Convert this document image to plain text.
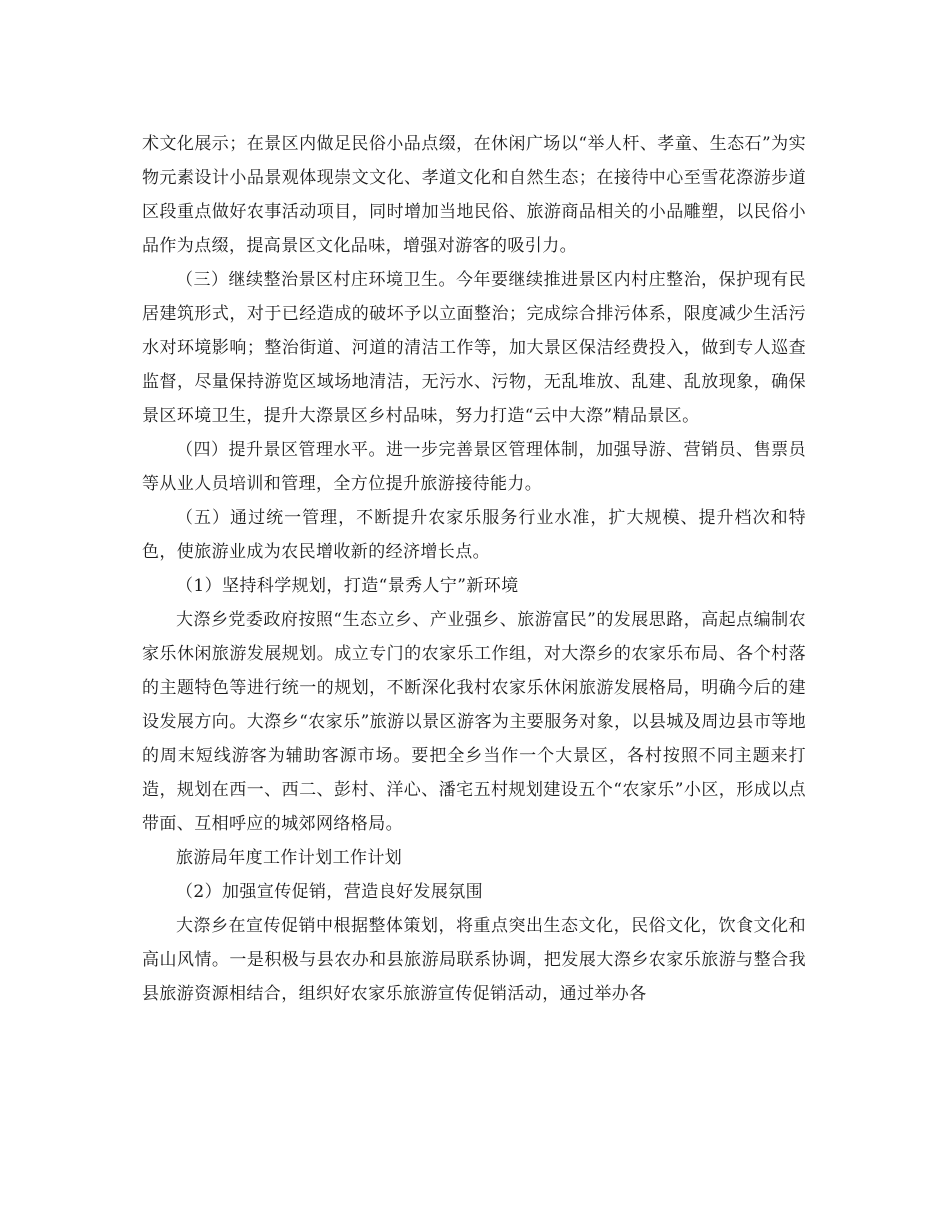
术文化展示；在景区内做足民俗小品点缀，在休闲广场以“举人杆、孝童、生态石”为实物元素设计小品景观体现崇文文化、孝道文化和自然生态；在接待中心至雪花漈游步道区段重点做好农事活动项目，同时增加当地民俗、旅游商品相关的小品雕塑，以民俗小品作为点缀，提高景区文化品味，增强对游客的吸引力。

（三）继续整治景区村庄环境卫生。今年要继续推进景区内村庄整治，保护现有民居建筑形式，对于已经造成的破坏予以立面整治；完成综合排污体系，限度减少生活污水对环境影响；整治街道、河道的清洁工作等，加大景区保洁经费投入，做到专人巡查监督，尽量保持游览区域场地清洁，无污水、污物，无乱堆放、乱建、乱放现象，确保景区环境卫生，提升大漈景区乡村品味，努力打造“云中大漈”精品景区。

（四）提升景区管理水平。进一步完善景区管理体制，加强导游、营销员、售票员等从业人员培训和管理，全方位提升旅游接待能力。

（五）通过统一管理，不断提升农家乐服务行业水准，扩大规模、提升档次和特色，使旅游业成为农民增收新的经济增长点。

（1）坚持科学规划，打造“景秀人宁”新环境

大漈乡党委政府按照“生态立乡、产业强乡、旅游富民”的发展思路，高起点编制农家乐休闲旅游发展规划。成立专门的农家乐工作组，对大漈乡的农家乐布局、各个村落的主题特色等进行统一的规划，不断深化我村农家乐休闲旅游发展格局，明确今后的建设发展方向。大漈乡“农家乐”旅游以景区游客为主要服务对象，以县城及周边县市等地的周末短线游客为辅助客源市场。要把全乡当作一个大景区，各村按照不同主题来打造，规划在西一、西二、彭村、洋心、潘宅五村规划建设五个“农家乐”小区，形成以点带面、互相呼应的城郊网络格局。

旅游局年度工作计划工作计划

（2）加强宣传促销，营造良好发展氛围

大漈乡在宣传促销中根据整体策划，将重点突出生态文化，民俗文化，饮食文化和高山风情。一是积极与县农办和县旅游局联系协调，把发展大漈乡农家乐旅游与整合我县旅游资源相结合，组织好农家乐旅游宣传促销活动，通过举办各
